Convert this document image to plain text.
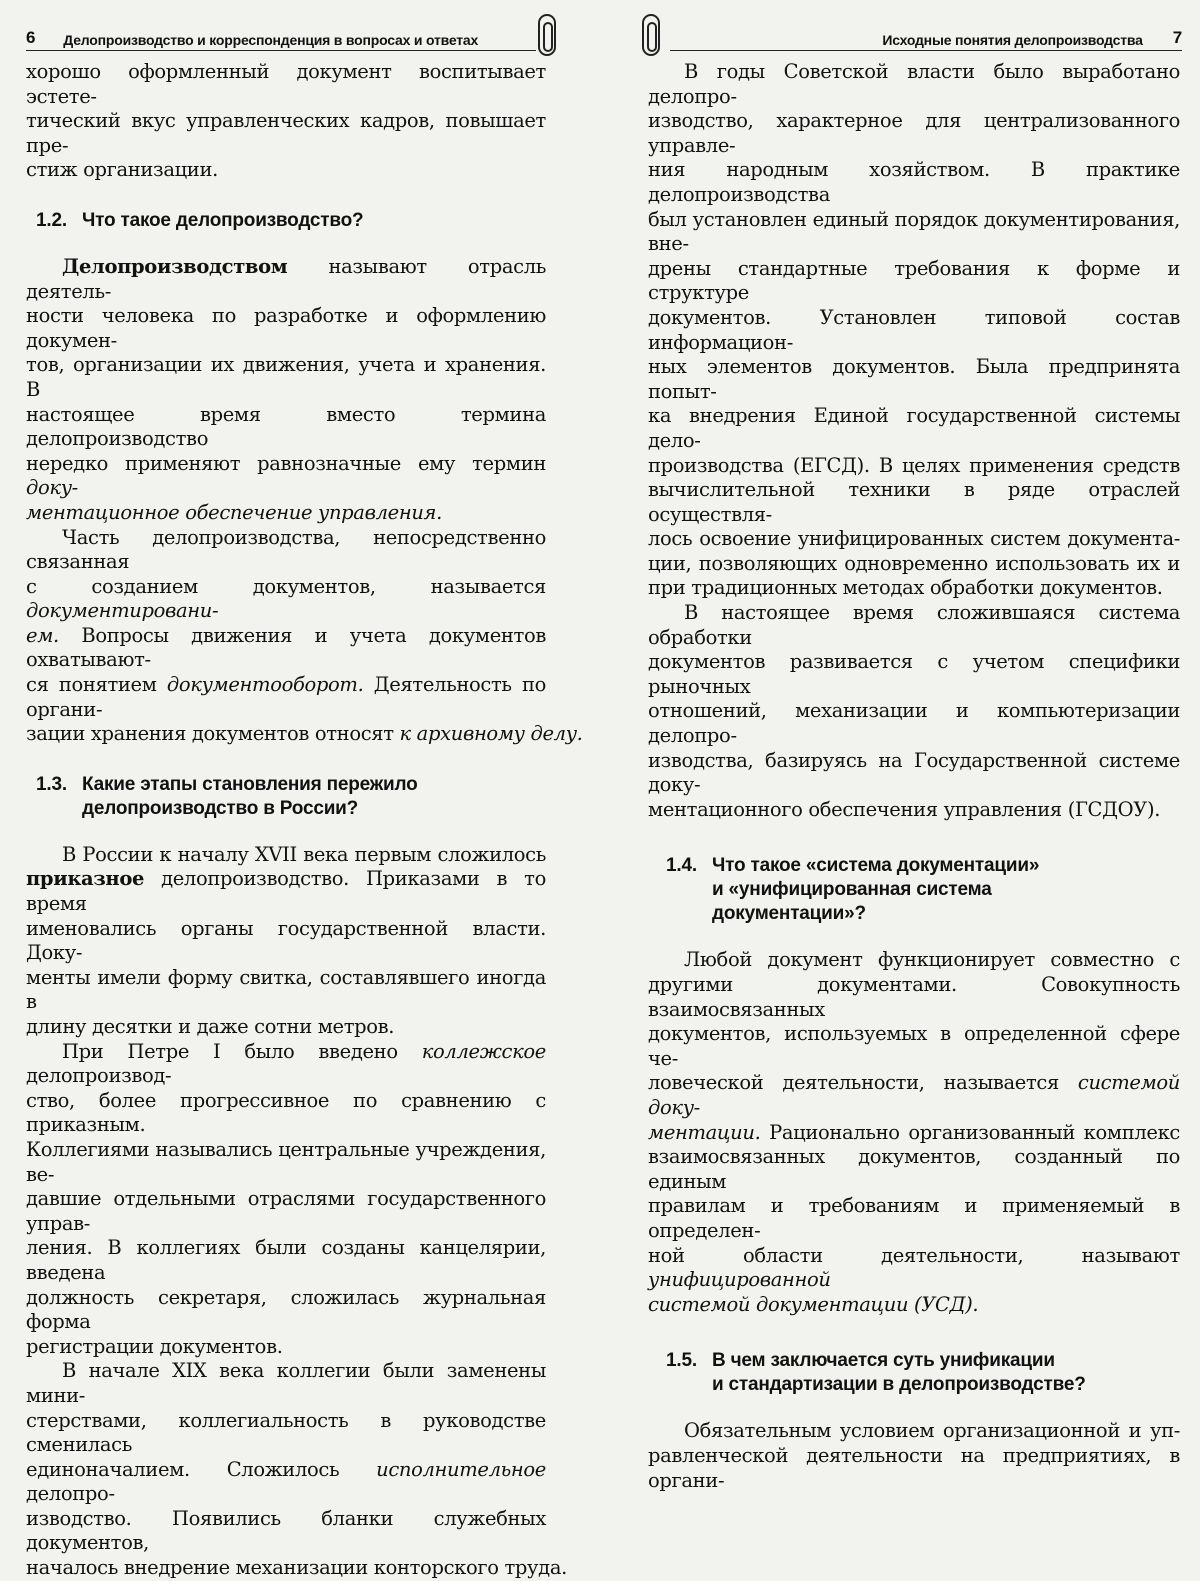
6 Делопроизводство и корреспонденция в вопросах и ответах
хорошо оформленный документ воспитывает эстете-
тический вкус управленческих кадров, повышает пре-
стиж организации.
1.2. Что такое делопроизводство?
Делопроизводством называют отрасль деятель-
ности человека по разработке и оформлению докумен-
тов, организации их движения, учета и хранения. В
настоящее время вместо термина делопроизводство
нередко применяют равнозначные ему термин доку-
ментационное обеспечение управления.
Часть делопроизводства, непосредственно связанная
с созданием документов, называется документировани-
ем. Вопросы движения и учета документов охватывают-
ся понятием документооборот. Деятельность по органи-
зации хранения документов относят к архивному делу.
1.3. Какие этапы становления пережило
делопроизводство в России?
В России к началу XVII века первым сложилось
приказное делопроизводство. Приказами в то время
именовались органы государственной власти. Доку-
менты имели форму свитка, составлявшего иногда в
длину десятки и даже сотни метров.
При Петре I было введено коллежское делопроизвод-
ство, более прогрессивное по сравнению с приказным.
Коллегиями назывались центральные учреждения, ве-
давшие отдельными отраслями государственного управ-
ления. В коллегиях были созданы канцелярии, введена
должность секретаря, сложилась журнальная форма
регистрации документов.
В начале XIX века коллегии были заменены мини-
стерствами, коллегиальность в руководстве сменилась
единоначалием. Сложилось исполнительное делопро-
изводство. Появились бланки служебных документов,
началось внедрение механизации конторского труда.
Исходные понятия делопроизводства 7
В годы Советской власти было выработано делопро-
изводство, характерное для централизованного управле-
ния народным хозяйством. В практике делопроизводства
был установлен единый порядок документирования, вне-
дрены стандартные требования к форме и структуре
документов. Установлен типовой состав информацион-
ных элементов документов. Была предпринята попыт-
ка внедрения Единой государственной системы дело-
производства (ЕГСД). В целях применения средств
вычислительной техники в ряде отраслей осуществля-
лось освоение унифицированных систем документа-
ции, позволяющих одновременно использовать их и
при традиционных методах обработки документов.
В настоящее время сложившаяся система обработки
документов развивается с учетом специфики рыночных
отношений, механизации и компьютеризации делопро-
изводства, базируясь на Государственной системе доку-
ментационного обеспечения управления (ГСДОУ).
1.4. Что такое «система документации»
и «унифицированная система
документации»?
Любой документ функционирует совместно с
другими документами. Совокупность взаимосвязанных
документов, используемых в определенной сфере че-
ловеческой деятельности, называется системой доку-
ментации. Рационально организованный комплекс
взаимосвязанных документов, созданный по единым
правилам и требованиям и применяемый в определен-
ной области деятельности, называют унифицированной
системой документации (УСД).
1.5. В чем заключается суть унификации
и стандартизации в делопроизводстве?
Обязательным условием организационной и уп-
равленческой деятельности на предприятиях, в органи-
